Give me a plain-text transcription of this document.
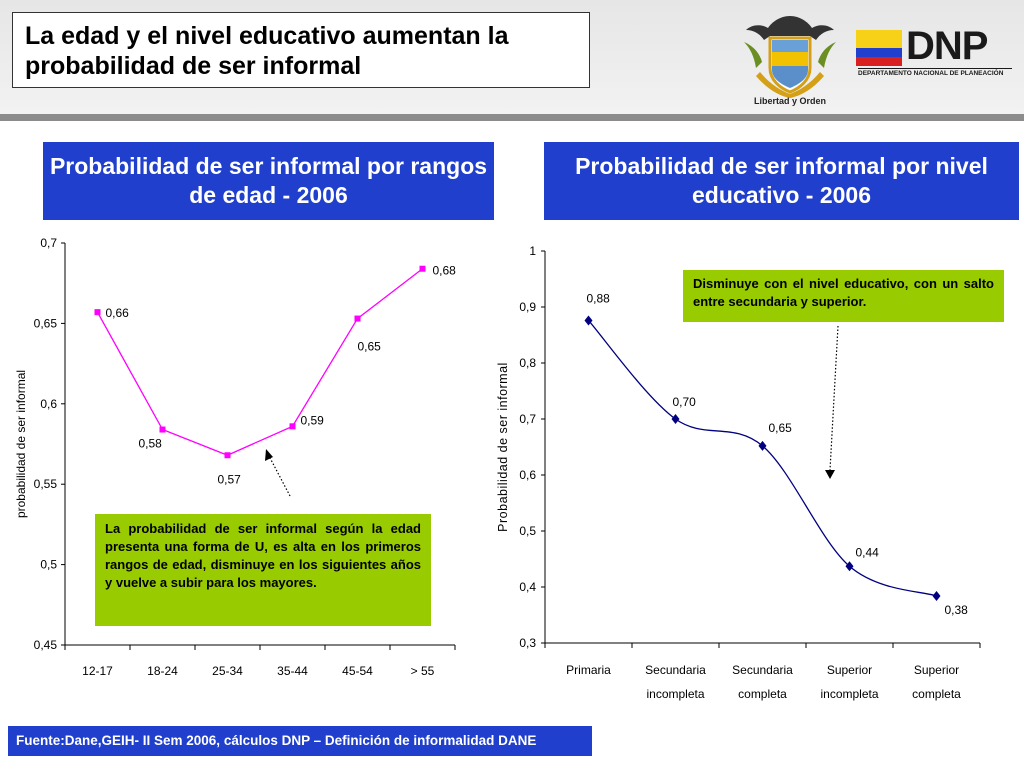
La edad y el nivel educativo aumentan la probabilidad de ser informal
Libertad y Orden
DNP
DEPARTAMENTO NACIONAL DE PLANEACIÓN
Probabilidad de ser informal por rangos de edad - 2006
Probabilidad de ser informal por nivel educativo - 2006
0,45
0,5
0,55
0,6
0,65
0,7
12-17	18-24	25-34	35-44	45-54	> 55
probabilidad de ser informal
0,66
0,58
0,57
0,59
0,65
0,68
0,3
0,4
0,5
0,6
0,7
0,8
0,9
1
Primaria	Secundaria
incompleta
Secundaria
completa
Superior
incompleta
Superior
completa
Probabilidad de ser informal
0,88
0,70
0,65
0,44
0,38
La probabilidad de ser informal según la edad presenta una forma de U, es alta en los primeros rangos de edad, disminuye en los siguientes años y vuelve a subir para los mayores.
Disminuye con el nivel educativo, con un salto entre secundaria y superior.
Fuente:Dane,GEIH- II Sem 2006, cálculos DNP – Definición de informalidad DANE
